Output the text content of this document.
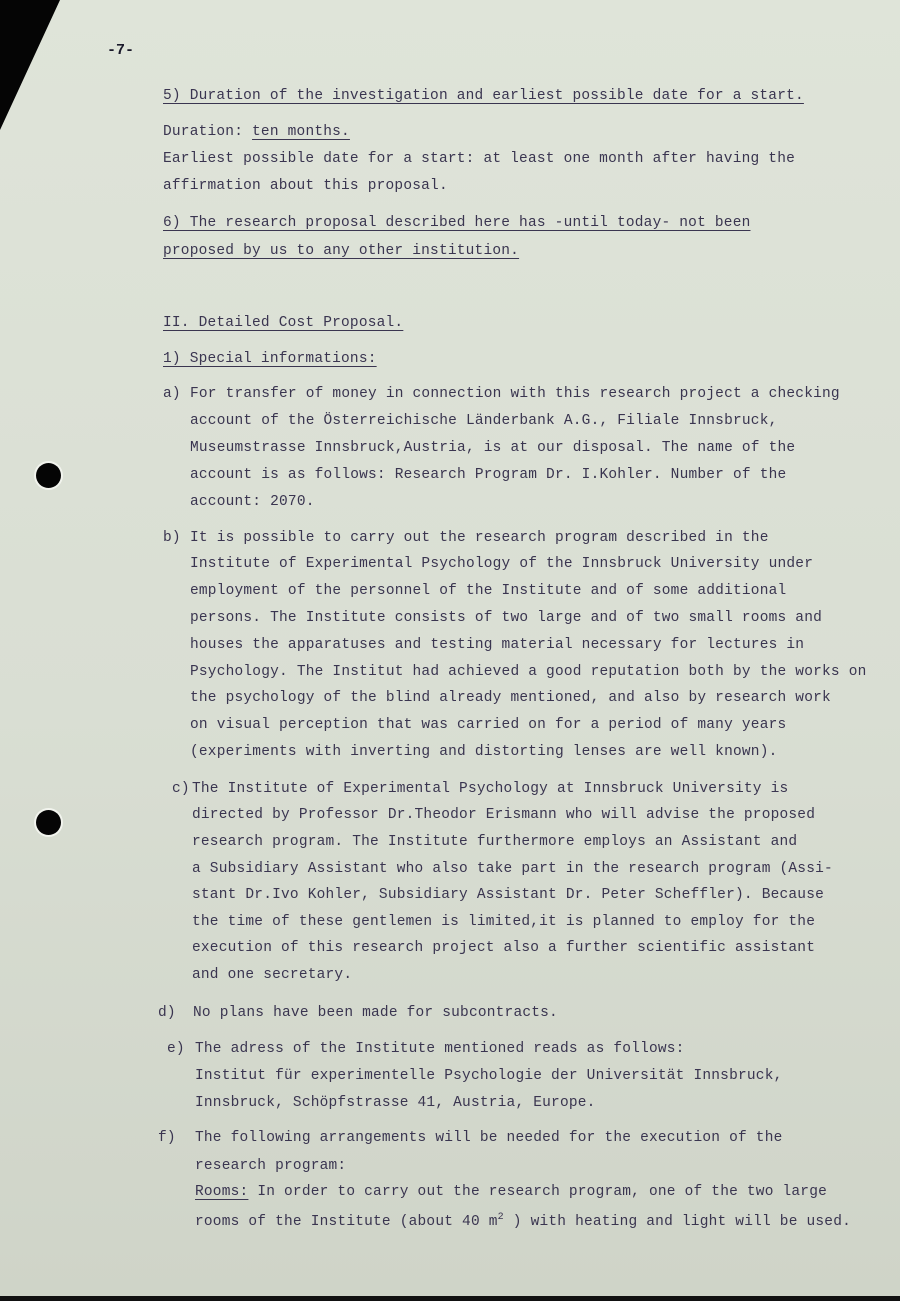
-7-
5) Duration of the investigation and earliest possible date for a start.
Duration: ten months.
Earliest possible date for a start: at least one month after having the
affirmation about this proposal.
6) The research proposal described here has -until today- not been
proposed by us to any other institution.
II. Detailed Cost Proposal.
1) Special informations:
a) For transfer of money in connection with this research project a checking
account of the Österreichische Länderbank A.G., Filiale Innsbruck,
Museumstrasse Innsbruck,Austria, is at our disposal. The name of the
account is as follows: Research Program Dr. I.Kohler. Number of the
account: 2070.
b) It is possible to carry out the research program described in the
Institute of Experimental Psychology of the Innsbruck University under
employment of the personnel of the Institute and of some additional
persons. The Institute consists of two large and of two small rooms and
houses the apparatuses and testing material necessary for lectures in
Psychology. The Institut had achieved a good reputation both by the works on
the psychology of the blind already mentioned, and also by research work
on visual perception that was carried on for a period of many years
(experiments with inverting and distorting lenses are well known).
c) The Institute of Experimental Psychology at Innsbruck University is
directed by Professor Dr.Theodor Erismann who will advise the proposed
research program. The Institute furthermore employs an Assistant and
a Subsidiary Assistant who also take part in the research program (Assi-
stant Dr.Ivo Kohler, Subsidiary Assistant Dr. Peter Scheffler). Because
the time of these gentlemen is limited,it is planned to employ for the
execution of this research project also a further scientific assistant
and one secretary.
d) No plans have been made for subcontracts.
e) The adress of the Institute mentioned reads as follows:
Institut für experimentelle Psychologie der Universität Innsbruck,
Innsbruck, Schöpfstrasse 41, Austria, Europe.
f) The following arrangements will be needed for the execution of the
research program:
Rooms: In order to carry out the research program, one of the two large
rooms of the Institute (about 40 $m^2$ ) with heating and light will be used.
